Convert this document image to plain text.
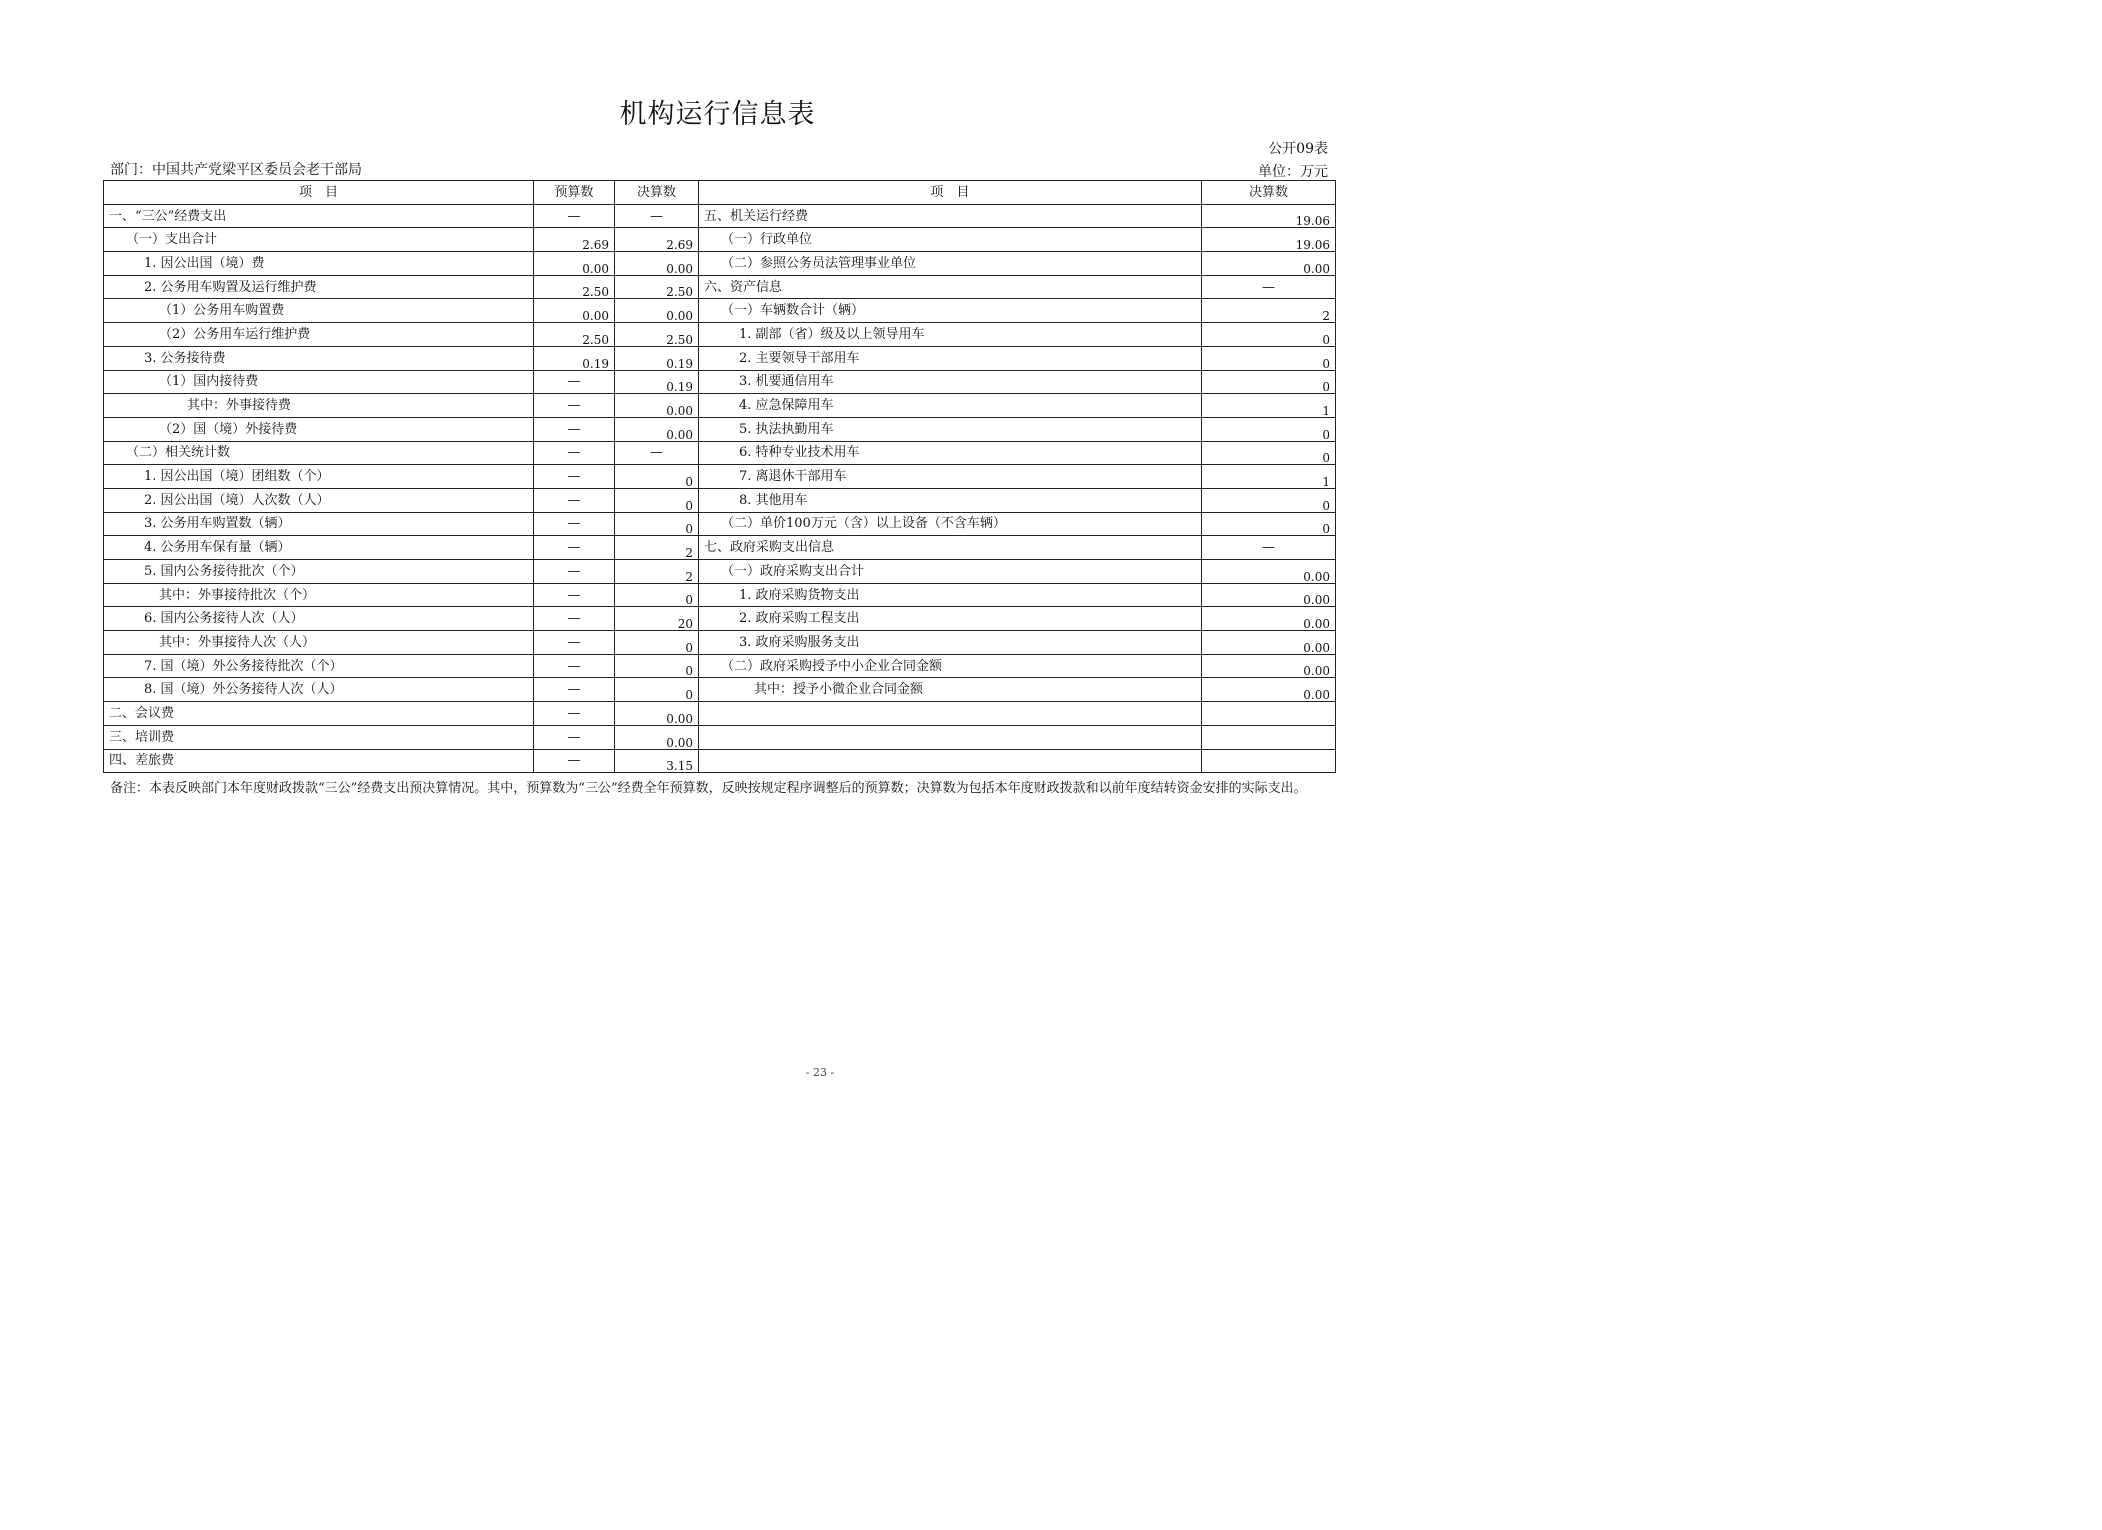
机构运行信息表
公开09表
部门：中国共产党梁平区委员会老干部局	单位：万元
项　目	预算数	决算数	项　目	决算数
一、“三公”经费支出	—	—	五、机关运行经费	19.06
（一）支出合计	2.69	2.69	（一）行政单位	19.06
1. 因公出国（境）费	0.00	0.00	（二）参照公务员法管理事业单位	0.00
2. 公务用车购置及运行维护费	2.50	2.50	六、资产信息	—
（1）公务用车购置费	0.00	0.00	（一）车辆数合计（辆）	2
（2）公务用车运行维护费	2.50	2.50	1. 副部（省）级及以上领导用车	0
3. 公务接待费	0.19	0.19	2. 主要领导干部用车	0
（1）国内接待费	—	0.19	3. 机要通信用车	0
其中：外事接待费	—	0.00	4. 应急保障用车	1
（2）国（境）外接待费	—	0.00	5. 执法执勤用车	0
（二）相关统计数	—	—	6. 特种专业技术用车	0
1. 因公出国（境）团组数（个）	—	0	7. 离退休干部用车	1
2. 因公出国（境）人次数（人）	—	0	8. 其他用车	0
3. 公务用车购置数（辆）	—	0	（二）单价100万元（含）以上设备（不含车辆）	0
4. 公务用车保有量（辆）	—	2	七、政府采购支出信息	—
5. 国内公务接待批次（个）	—	2	（一）政府采购支出合计	0.00
其中：外事接待批次（个）	—	0	1. 政府采购货物支出	0.00
6. 国内公务接待人次（人）	—	20	2. 政府采购工程支出	0.00
其中：外事接待人次（人）	—	0	3. 政府采购服务支出	0.00
7. 国（境）外公务接待批次（个）	—	0	（二）政府采购授予中小企业合同金额	0.00
8. 国（境）外公务接待人次（人）	—	0	其中：授予小微企业合同金额	0.00
二、会议费	—	0.00		
三、培训费	—	0.00		
四、差旅费	—	3.15		
备注：本表反映部门本年度财政拨款“三公”经费支出预决算情况。其中，预算数为“三公”经费全年预算数，反映按规定程序调整后的预算数；决算数为包括本年度财政拨款和以前年度结转资金安排的实际支出。
- 23 -
